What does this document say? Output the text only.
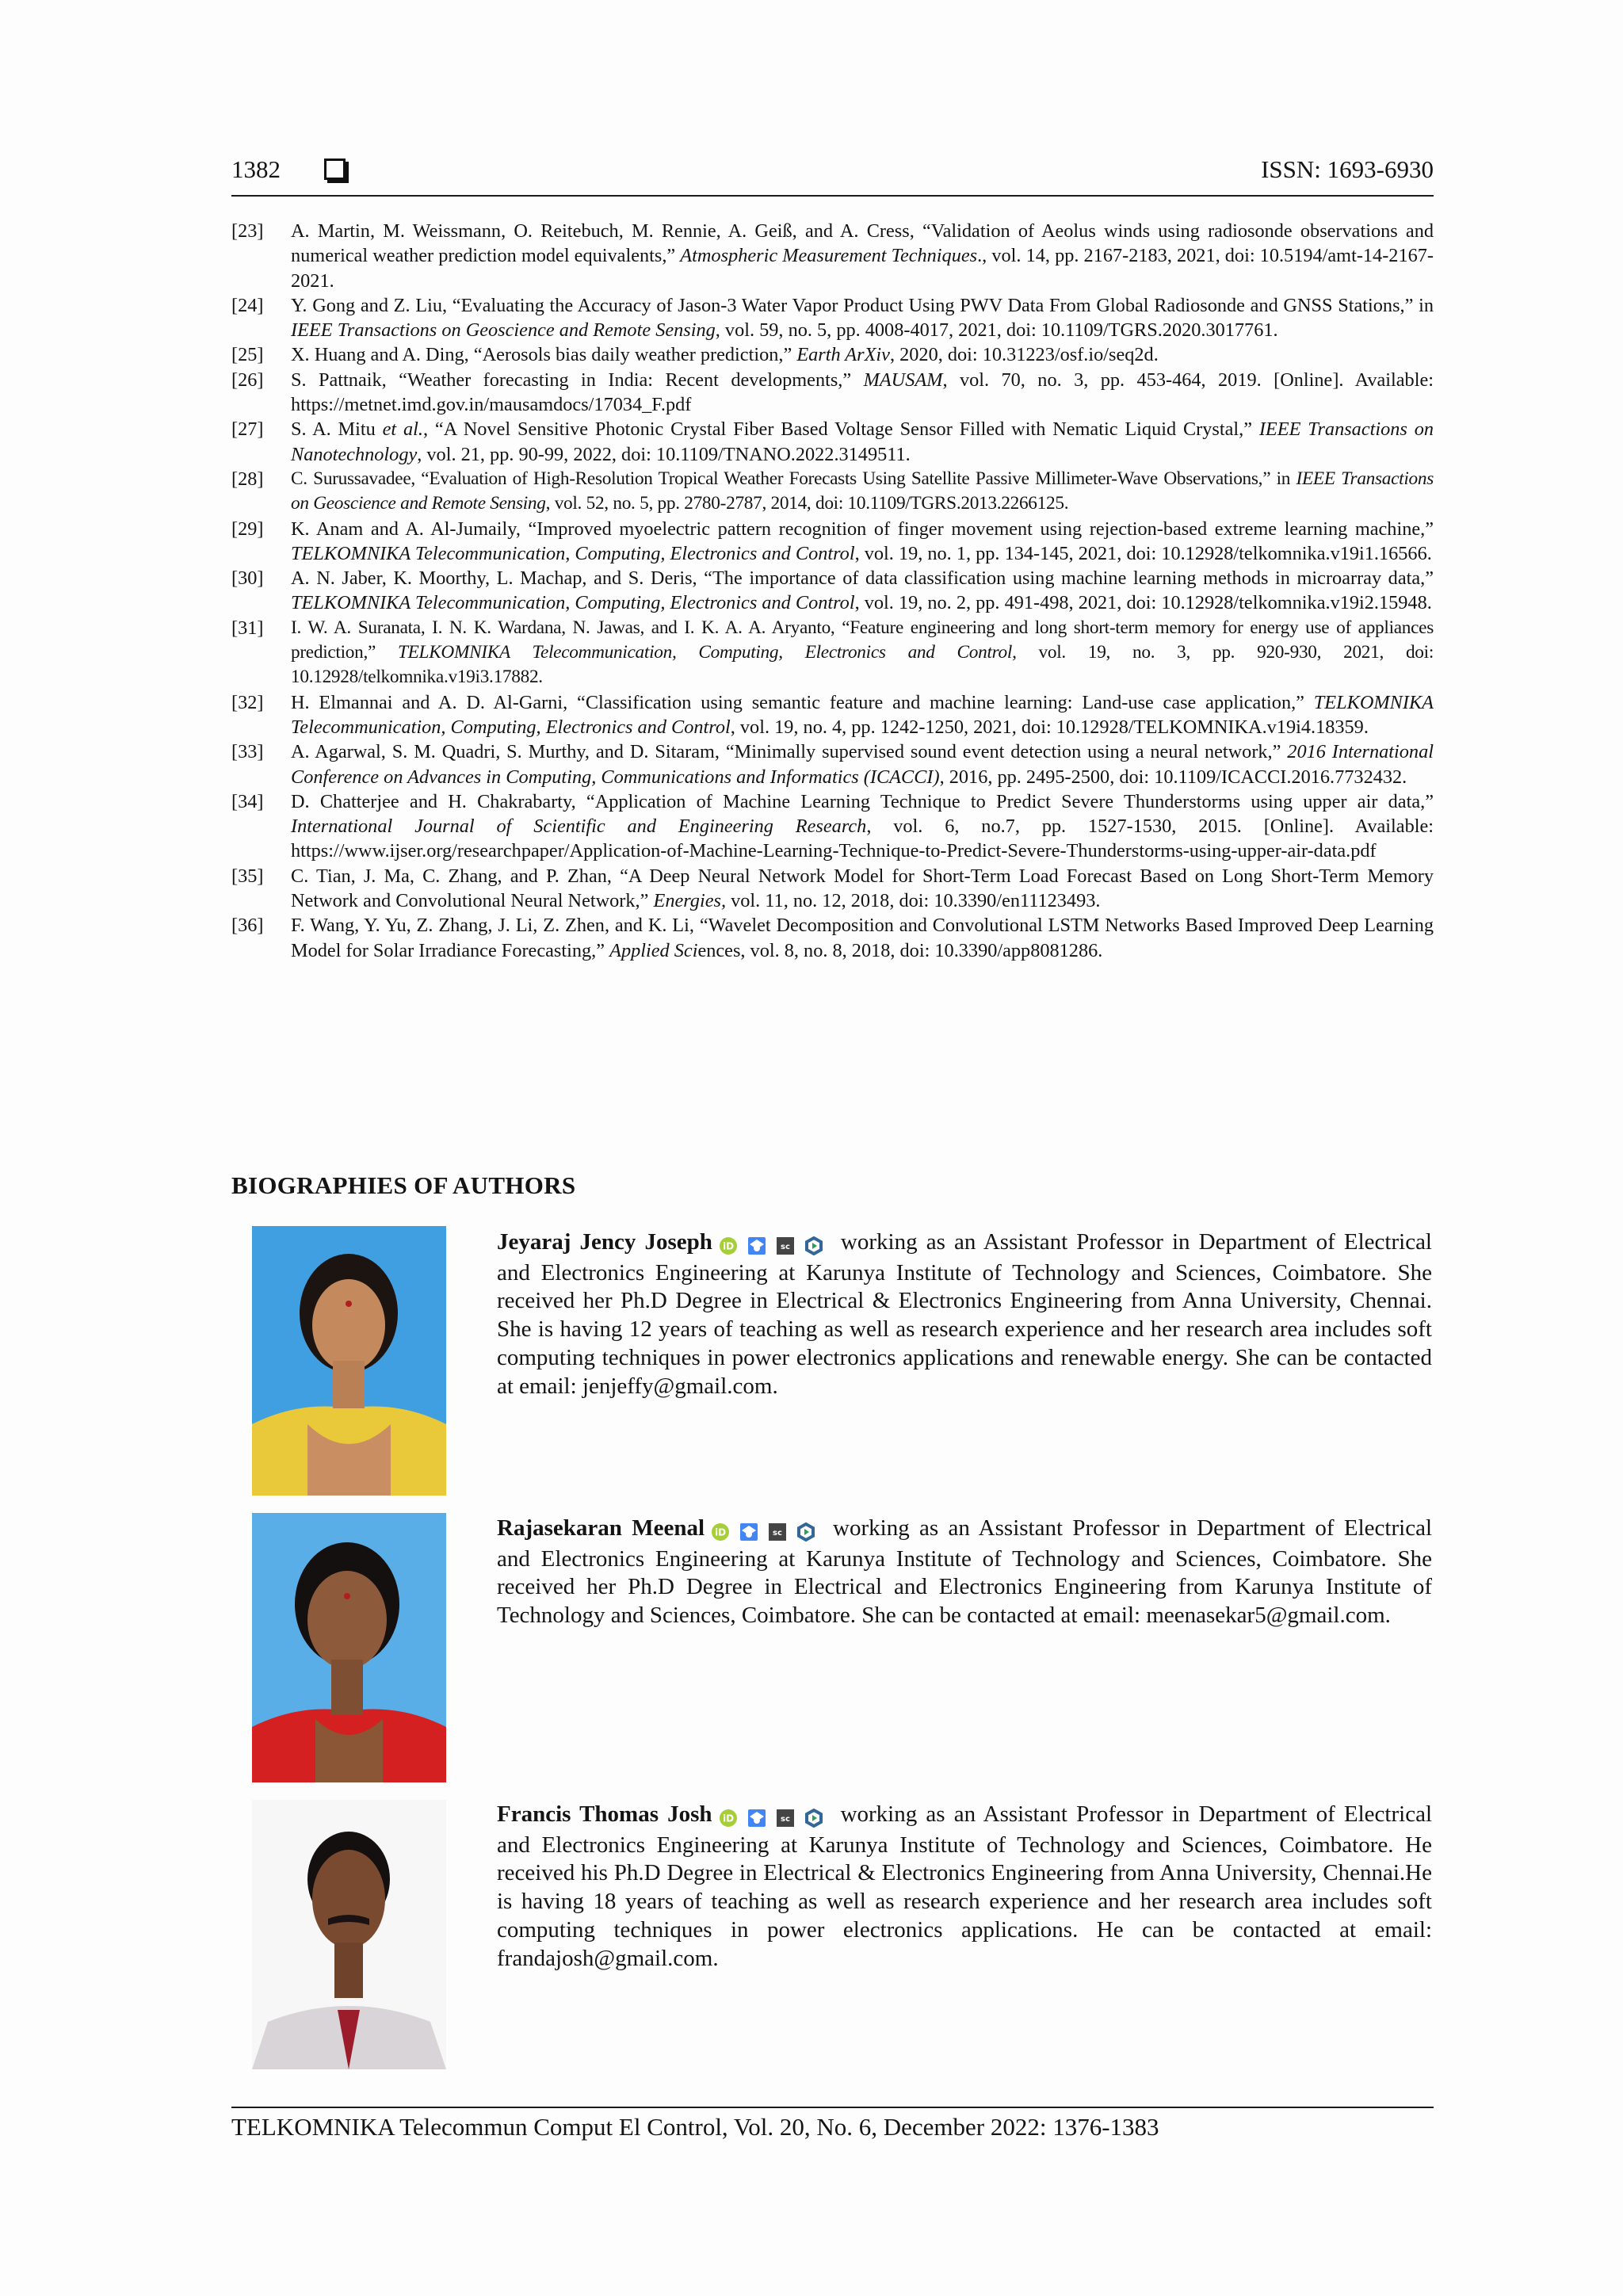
1382	ISSN: 1693-6930
[23]	A. Martin, M. Weissmann, O. Reitebuch, M. Rennie, A. Geiß, and A. Cress, “Validation of Aeolus winds using radiosonde observations and numerical weather prediction model equivalents,” Atmospheric Measurement Techniques., vol. 14, pp. 2167-2183, 2021, doi: 10.5194/amt-14-2167-2021.
[24]	Y. Gong and Z. Liu, “Evaluating the Accuracy of Jason-3 Water Vapor Product Using PWV Data From Global Radiosonde and GNSS Stations,” in IEEE Transactions on Geoscience and Remote Sensing, vol. 59, no. 5, pp. 4008-4017, 2021, doi: 10.1109/TGRS.2020.3017761.
[25]	X. Huang and A. Ding, “Aerosols bias daily weather prediction,” Earth ArXiv, 2020, doi: 10.31223/osf.io/seq2d.
[26]	S. Pattnaik, “Weather forecasting in India: Recent developments,” MAUSAM, vol. 70, no. 3, pp. 453-464, 2019. [Online]. Available: https://metnet.imd.gov.in/mausamdocs/17034_F.pdf
[27]	S. A. Mitu et al., “A Novel Sensitive Photonic Crystal Fiber Based Voltage Sensor Filled with Nematic Liquid Crystal,” IEEE Transactions on Nanotechnology, vol. 21, pp. 90-99, 2022, doi: 10.1109/TNANO.2022.3149511.
[28]	C. Surussavadee, “Evaluation of High-Resolution Tropical Weather Forecasts Using Satellite Passive Millimeter-Wave Observations,” in IEEE Transactions on Geoscience and Remote Sensing, vol. 52, no. 5, pp. 2780-2787, 2014, doi: 10.1109/TGRS.2013.2266125.
[29]	K. Anam and A. Al-Jumaily, “Improved myoelectric pattern recognition of finger movement using rejection-based extreme learning machine,” TELKOMNIKA Telecommunication, Computing, Electronics and Control, vol. 19, no. 1, pp. 134-145, 2021, doi: 10.12928/telkomnika.v19i1.16566.
[30]	A. N. Jaber, K. Moorthy, L. Machap, and S. Deris, “The importance of data classification using machine learning methods in microarray data,” TELKOMNIKA Telecommunication, Computing, Electronics and Control, vol. 19, no. 2, pp. 491-498, 2021, doi: 10.12928/telkomnika.v19i2.15948.
[31]	I. W. A. Suranata, I. N. K. Wardana, N. Jawas, and I. K. A. A. Aryanto, “Feature engineering and long short-term memory for energy use of appliances prediction,” TELKOMNIKA Telecommunication, Computing, Electronics and Control, vol. 19, no. 3, pp. 920-930, 2021, doi: 10.12928/telkomnika.v19i3.17882.
[32]	H. Elmannai and A. D. Al-Garni, “Classification using semantic feature and machine learning: Land-use case application,” TELKOMNIKA Telecommunication, Computing, Electronics and Control, vol. 19, no. 4, pp. 1242-1250, 2021, doi: 10.12928/TELKOMNIKA.v19i4.18359.
[33]	A. Agarwal, S. M. Quadri, S. Murthy, and D. Sitaram, “Minimally supervised sound event detection using a neural network,” 2016 International Conference on Advances in Computing, Communications and Informatics (ICACCI), 2016, pp. 2495-2500, doi: 10.1109/ICACCI.2016.7732432.
[34]	D. Chatterjee and H. Chakrabarty, “Application of Machine Learning Technique to Predict Severe Thunderstorms using upper air data,” International Journal of Scientific and Engineering Research, vol. 6, no.7, pp. 1527-1530, 2015. [Online]. Available: https://www.ijser.org/researchpaper/Application-of-Machine-Learning-Technique-to-Predict-Severe-Thunderstorms-using-upper-air-data.pdf
[35]	C. Tian, J. Ma, C. Zhang, and P. Zhan, “A Deep Neural Network Model for Short-Term Load Forecast Based on Long Short-Term Memory Network and Convolutional Neural Network,” Energies, vol. 11, no. 12, 2018, doi: 10.3390/en11123493.
[36]	F. Wang, Y. Yu, Z. Zhang, J. Li, Z. Zhen, and K. Li, “Wavelet Decomposition and Convolutional LSTM Networks Based Improved Deep Learning Model for Solar Irradiance Forecasting,” Applied Sciences, vol. 8, no. 8, 2018, doi: 10.3390/app8081286.
BIOGRAPHIES OF AUTHORS
Jeyaraj Jency Joseph iD	sc working as an Assistant Professor in Department of Electrical and Electronics Engineering at Karunya Institute of Technology and Sciences, Coimbatore. She received her Ph.D Degree in Electrical & Electronics Engineering from Anna University, Chennai. She is having 12 years of teaching as well as research experience and her research area includes soft computing techniques in power electronics applications and renewable energy. She can be contacted at email: jenjeffy@gmail.com.
Rajasekaran Meenal iD	sc working as an Assistant Professor in Department of Electrical and Electronics Engineering at Karunya Institute of Technology and Sciences, Coimbatore. She received her Ph.D Degree in Electrical and Electronics Engineering from Karunya Institute of Technology and Sciences, Coimbatore. She can be contacted at email: meenasekar5@gmail.com.
Francis Thomas Josh iD	sc working as an Assistant Professor in Department of Electrical and Electronics Engineering at Karunya Institute of Technology and Sciences, Coimbatore. He received his Ph.D Degree in Electrical & Electronics Engineering from Anna University, Chennai.He is having 18 years of teaching as well as research experience and her research area includes soft computing techniques in power electronics applications. He can be contacted at email: frandajosh@gmail.com.
TELKOMNIKA Telecommun Comput El Control, Vol. 20, No. 6, December 2022: 1376-1383
